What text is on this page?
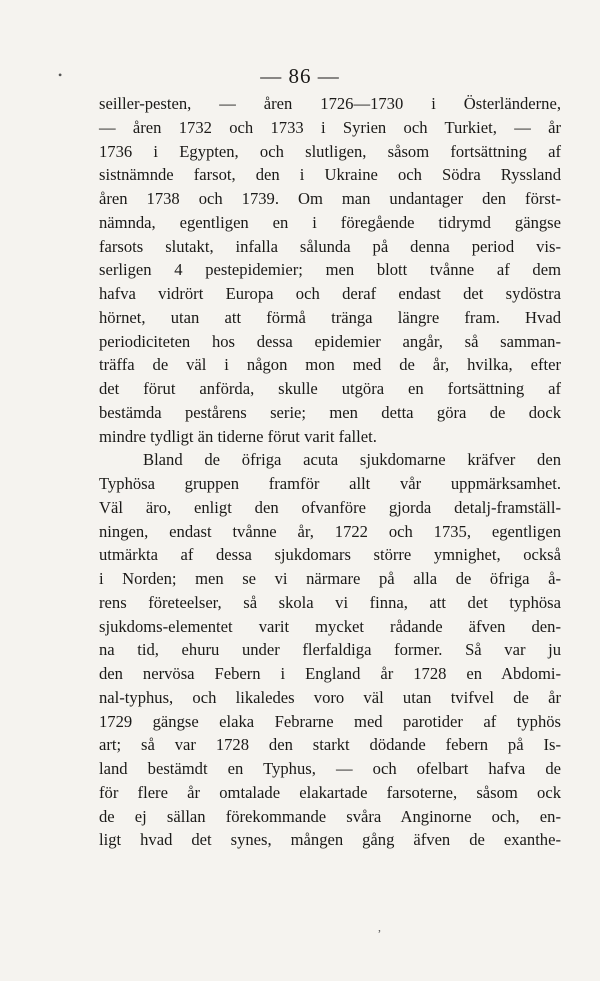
•	— 86 —
seiller-pesten, — åren 1726—1730 i Österländerne,
— åren 1732 och 1733 i Syrien och Turkiet, — år
1736 i Egypten, och slutligen, såsom fortsättning af
sistnämnde farsot, den i Ukraine och Södra Ryssland
åren 1738 och 1739. Om man undantager den först-
nämnda, egentligen en i föregående tidrymd gängse
farsots slutakt, infalla sålunda på denna period vis-
serligen 4 pestepidemier; men blott tvånne af dem
hafva vidrört Europa och deraf endast det sydöstra
hörnet, utan att förmå tränga längre fram. Hvad
periodiciteten hos dessa epidemier angår, så samman-
träffa de väl i någon mon med de år, hvilka, efter
det förut anförda, skulle utgöra en fortsättning af
bestämda pestårens serie; men detta göra de dock
mindre tydligt än tiderne förut varit fallet.
Bland de öfriga acuta sjukdomarne kräfver den
Typhösa gruppen framför allt vår uppmärksamhet.
Väl äro, enligt den ofvanföre gjorda detalj-framställ-
ningen, endast tvånne år, 1722 och 1735, egentligen
utmärkta af dessa sjukdomars större ymnighet, också
i Norden; men se vi närmare på alla de öfriga å-
rens företeelser, så skola vi finna, att det typhösa
sjukdoms-elementet varit mycket rådande äfven den-
na tid, ehuru under flerfaldiga former. Så var ju
den nervösa Febern i England år 1728 en Abdomi-
nal-typhus, och likaledes voro väl utan tvifvel de år
1729 gängse elaka Febrarne med parotider af typhös
art; så var 1728 den starkt dödande febern på Is-
land bestämdt en Typhus, — och ofelbart hafva de
för flere år omtalade elakartade farsoterne, såsom ock
de ej sällan förekommande svåra Anginorne och, en-
ligt hvad det synes, mången gång äfven de exanthe-
,
